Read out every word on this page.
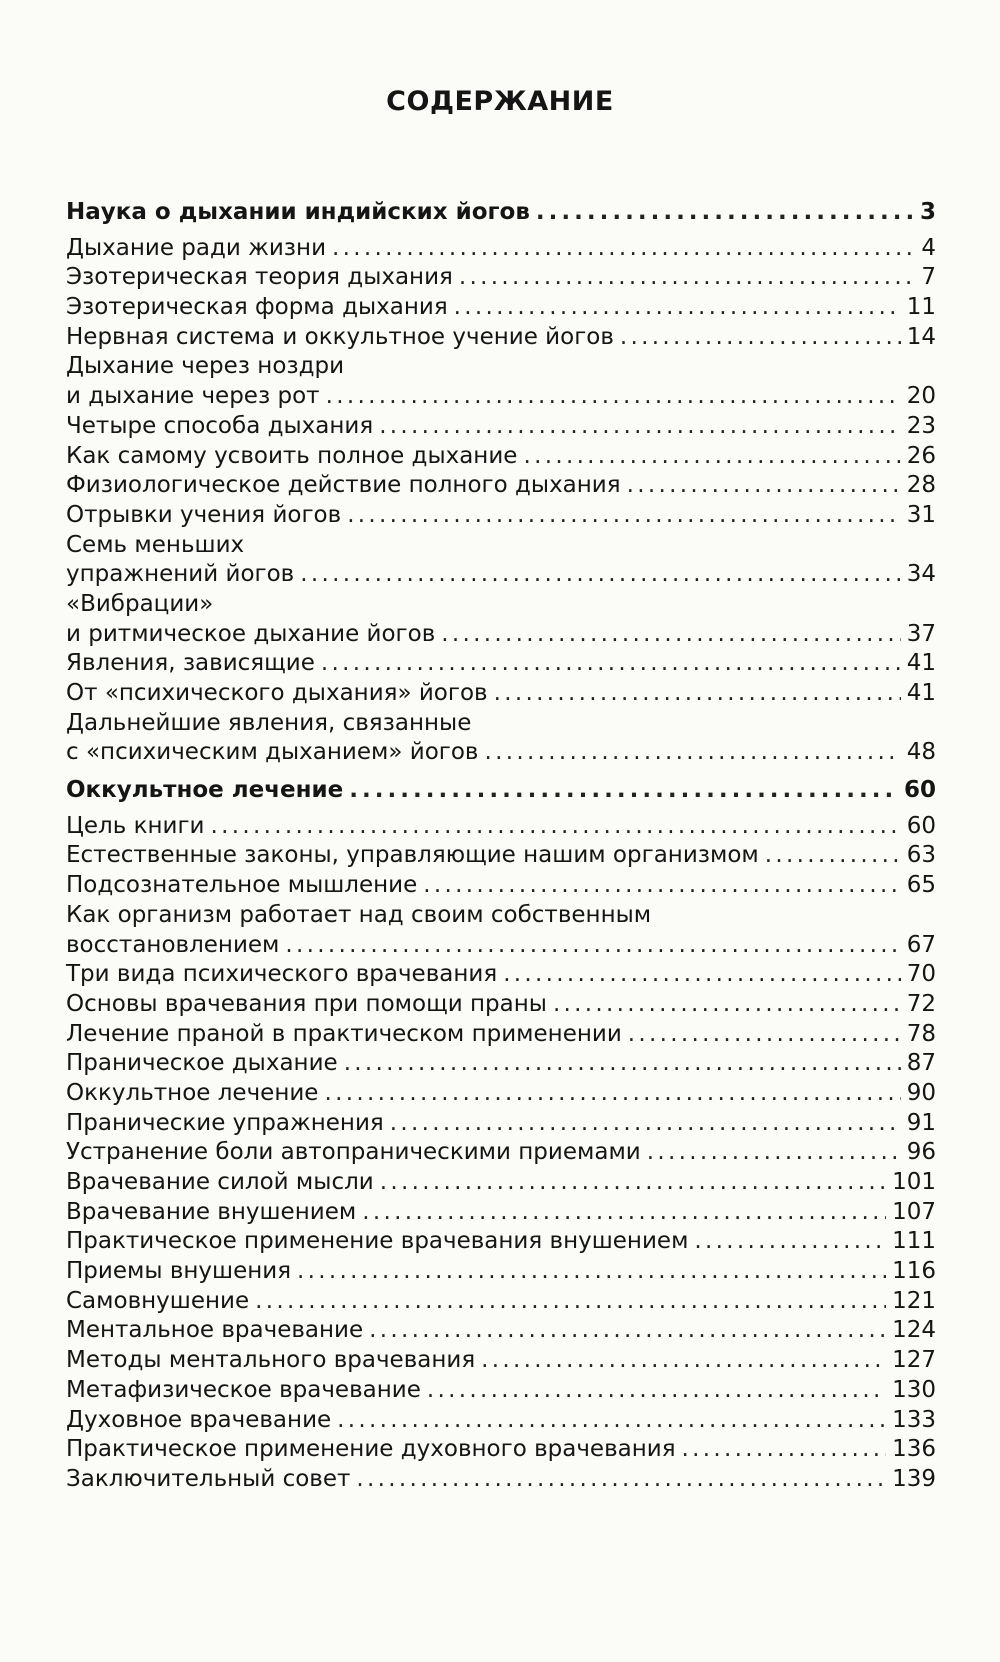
СОДЕРЖАНИЕ
Наука о дыхании индийских йогов . . .	3
Дыхание ради жизни . . .	4
Эзотерическая теория дыхания . . .	7
Эзотерическая форма дыхания . . .	11
Нервная система и оккультное учение йогов . . .	14
Дыхание через ноздри
и дыхание через рот . . .	20
Четыре способа дыхания . . .	23
Как самому усвоить полное дыхание . . .	26
Физиологическое действие полного дыхания . . .	28
Отрывки учения йогов . . .	31
Семь меньших
упражнений йогов . . .	34
«Вибрации»
и ритмическое дыхание йогов . . .	37
Явления, зависящие . . .	41
От «психического дыхания» йогов . . .	41
Дальнейшие явления, связанные
с «психическим дыханием» йогов . . .	48
Оккультное лечение . . .	60
Цель книги . . .	60
Естественные законы, управляющие нашим организмом . . .	63
Подсознательное мышление . . .	65
Как организм работает над своим собственным
восстановлением . . .	67
Три вида психического врачевания . . .	70
Основы врачевания при помощи праны . . .	72
Лечение праной в практическом применении . . .	78
Праническое дыхание . . .	87
Оккультное лечение . . .	90
Пранические упражнения . . .	91
Устранение боли автопраническими приемами . . .	96
Врачевание силой мысли . . .	101
Врачевание внушением . . .	107
Практическое применение врачевания внушением . . .	111
Приемы внушения . . .	116
Самовнушение . . .	121
Ментальное врачевание . . .	124
Методы ментального врачевания . . .	127
Метафизическое врачевание . . .	130
Духовное врачевание . . .	133
Практическое применение духовного врачевания . . .	136
Заключительный совет . . .	139
